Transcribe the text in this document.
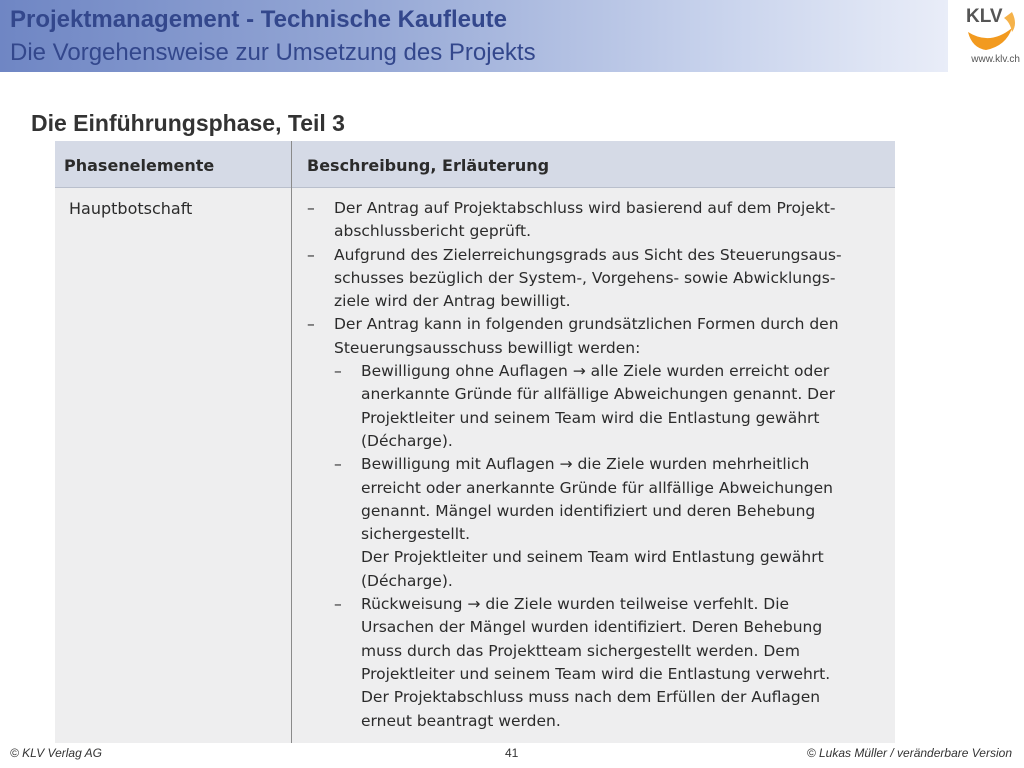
Projektmanagement - Technische Kaufleute
Die Vorgehensweise zur Umsetzung des Projekts
KLV
www.klv.ch
Die Einführungsphase, Teil 3
Phasenelemente	Beschreibung, Erläuterung
Hauptbotschaft	– Der Antrag auf Projektabschluss wird basierend auf dem Projekt-
abschlussbericht geprüft.
– Aufgrund des Zielerreichungsgrads aus Sicht des Steuerungsaus-
schusses bezüglich der System-, Vorgehens- sowie Abwicklungs-
ziele wird der Antrag bewilligt.
– Der Antrag kann in folgenden grundsätzlichen Formen durch den
Steuerungsausschuss bewilligt werden:
– Bewilligung ohne Auflagen → alle Ziele wurden erreicht oder
anerkannte Gründe für allfällige Abweichungen genannt. Der
Projektleiter und seinem Team wird die Entlastung gewährt
(Décharge).
– Bewilligung mit Auflagen → die Ziele wurden mehrheitlich
erreicht oder anerkannte Gründe für allfällige Abweichungen
genannt. Mängel wurden identifiziert und deren Behebung
sichergestellt.
Der Projektleiter und seinem Team wird Entlastung gewährt
(Décharge).
– Rückweisung → die Ziele wurden teilweise verfehlt. Die
Ursachen der Mängel wurden identifiziert. Deren Behebung
muss durch das Projektteam sichergestellt werden. Dem
Projektleiter und seinem Team wird die Entlastung verwehrt.
Der Projektabschluss muss nach dem Erfüllen der Auflagen
erneut beantragt werden.
© KLV Verlag AG	41	© Lukas Müller / veränderbare Version
